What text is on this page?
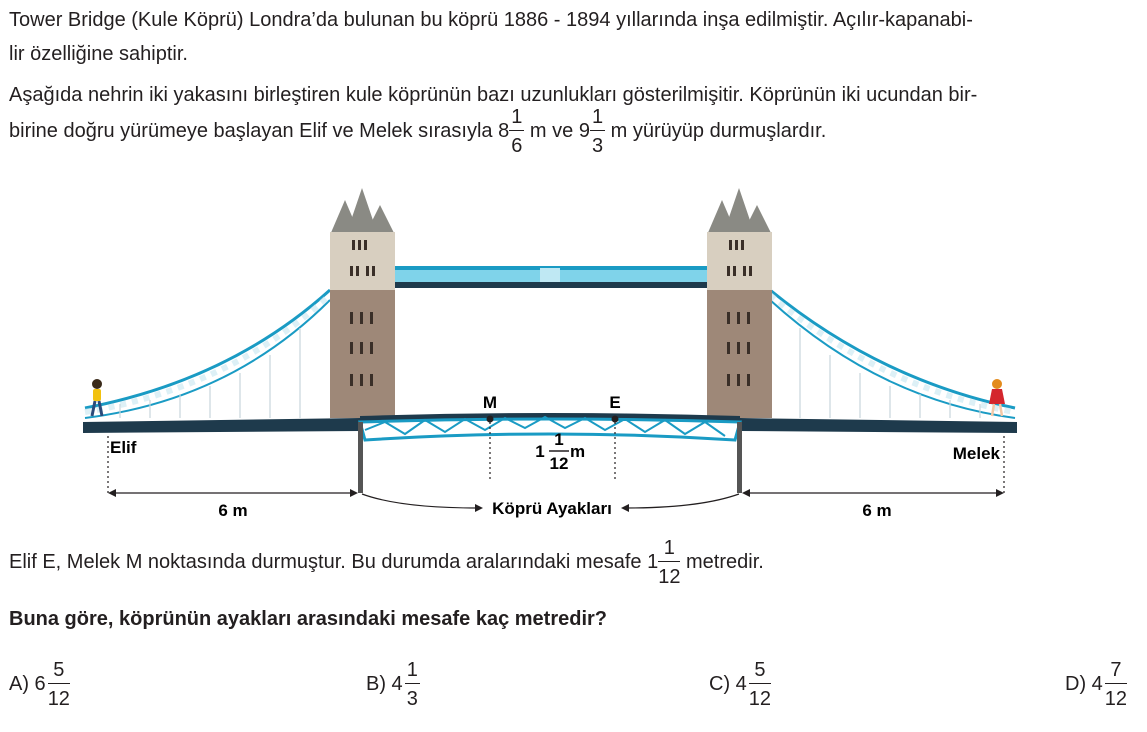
Tower Bridge (Kule Köprü) Londra’da bulunan bu köprü 1886 - 1894 yıllarında inşa edilmiştir. Açılır-kapanabi-
lir özelliğine sahiptir.
Aşağıda nehrin iki yakasını birleştiren kule köprünün bazı uzunlukları gösterilmişitir. Köprünün iki ucundan bir-
birine doğru yürümeye başlayan Elif ve Melek sırasıyla $8 \frac{1}{6}$ m ve $9 \frac{1}{3}$ m yürüyüp durmuşlardır.
M	E
Elif	Melek
1
1
12
m
6 m	6 m
Köprü Ayakları
Elif E, Melek M noktasında durmuştur. Bu durumda aralarındaki mesafe $1 \frac{1}{12}$ metredir.
Buna göre, köprünün ayakları arasındaki mesafe kaç metredir?
A) $6 \frac{5}{12}$	B) $4 \frac{1}{3}$	C) $4 \frac{5}{12}$	D) $4 \frac{7}{12}$
